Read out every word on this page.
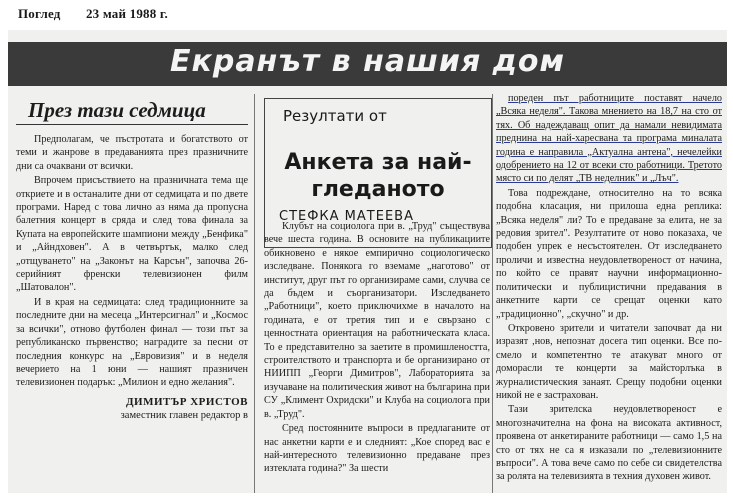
Поглед 23 май 1988 г.
Екранът в нашия дом
През тази седмица

Предполагам, че пъстротата и богатството от теми и жанрове в предаванията през празничните дни са очаквани от всички.

Впрочем присъствието на празничната тема ще откриете и в останалите дни от седмицата и по двете програми. Наред с това лично аз няма да пропусна балетния концерт в сряда и след това финала за Купата на европейските шампиони между „Бенфика" и „Айндховен". А в четвъртък, малко след „отщуването" на „Законът на Карсън", започва 26-серийният френски телевизионен филм „Шатовалон".

И в края на седмицата: след традиционните за последните дни на месеца „Интерсигнал" и „Космос за всички", отново футболен финал — този път за републиканско първенство; наградите за песни от последния конкурс на „Евровизия" и в неделя вечерието на 1 юни — нашият празничен телевизионен подарък: „Милион и едно желания".

ДИМИТЪР ХРИСТОВ
заместник главен редактор в
Резултати от
Анкета за най-гледаното
СТЕФКА МАТЕЕВА

Клубът на социолога при в. „Труд" съществува вече шеста година. В основите на публикациите обикновено е някое емпирично социологическо изследване. Понякога го вземаме „наготово" от институт, друг път го организираме сами, случва се да бъдем и съорганизатори. Изследването „Работници", което приключихме в началото на годината, е от третия тип и е свързано с ценностната ориентация на работническата класа. То е представително за заетите в промишлеността, строителството и транспорта и бе организирано от НИИПП „Георги Димитров", Лабораторията за изучаване на политическия живот на българина при СУ „Климент Охридски" и Клуба на социолога при в. „Труд".

Сред постоянните въпроси в предлаганите от нас анкетни карти е и следният: „Кое според вас е най-интересното телевизионно предаване през изтеклата година?" За шести

пореден път работниците поставят начело „Всяка неделя". Такова мнението на 18,7 на сто от тях. Об надеждаващ опит да намали невидимата преднина на най-харесвана та програма миналата година е направила „Актуална антена", нечелейки одобрението на 12 от всеки сто работници. Третото място си по делят „ТВ неделник" и „Лъч".

Това подреждане, относително на то всяка подобна класация, ни прилоша една реплика: „Всяка неделя" ли? То е предаване за елита, не за редовия зрител". Резултатите от ново показаха, че подобен упрек е несъстоятелен. От изследването проличи и известна неудовлетвореност от начина, по който се правят научни информационно-политически и публицистични предавания в анкетните карти се срещат оценки като „традиционно", „скучно" и др.

Откровено зрители и читатели започват да ни изразят ,нов, непознат досега тип оценки. Все по-смело и компетентно те атакуват много от доморасли те концерти за майсторлъка в журналистическия занаят. Срещу подобни оценки никой не е застрахован.

Тази зрителска неудовлетвореност е многозначителна на фона на високата активност, проявена от анкетираните работници — само 1,5 на сто от тях не са я изказали по „телевизионните въпроси". А това вече само по себе си свидетелства за ролята на телевизията в техния духовен живот.
